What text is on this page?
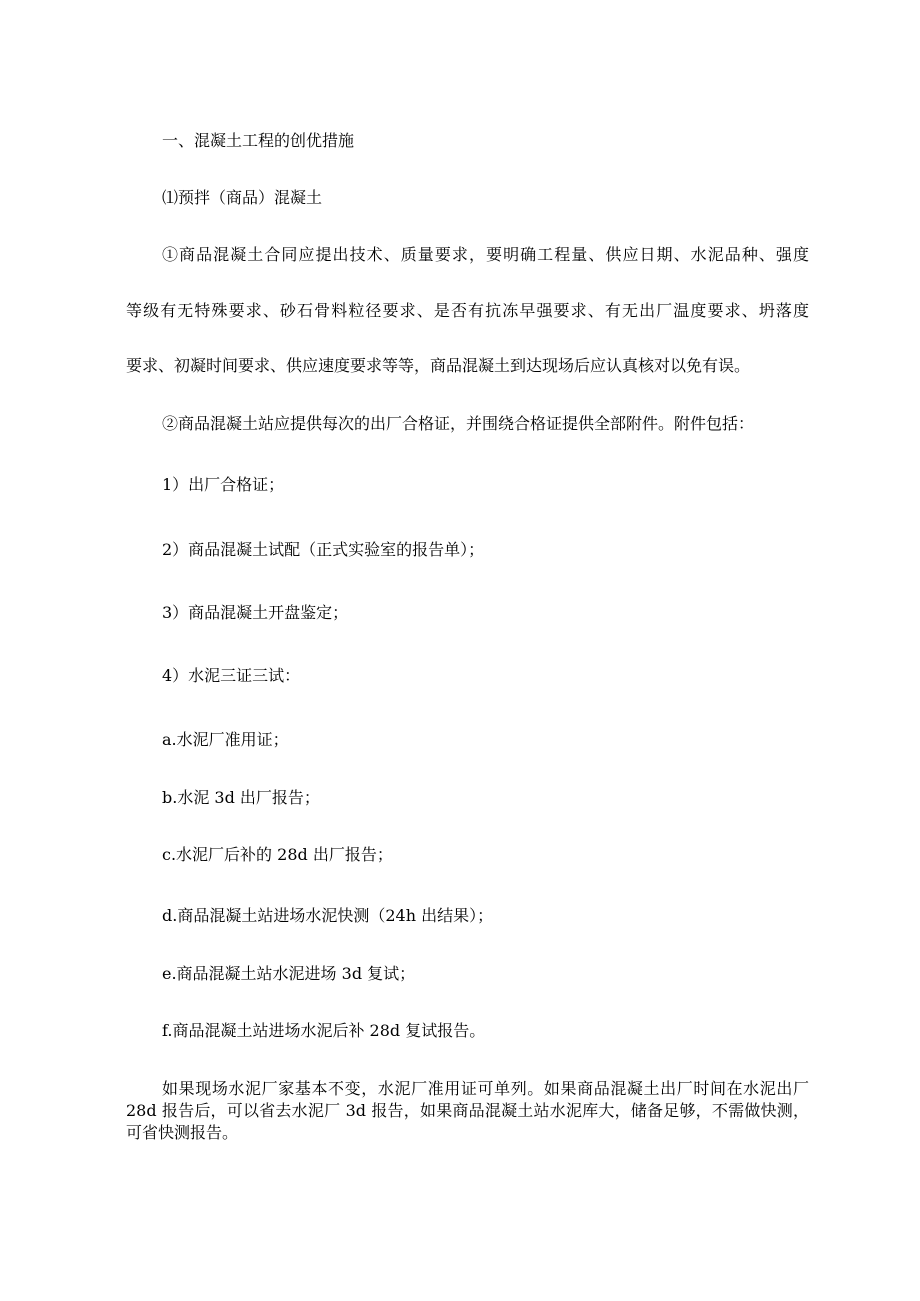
一、混凝土工程的创优措施
⑴预拌（商品）混凝土
①商品混凝土合同应提出技术、质量要求，要明确工程量、供应日期、水泥品种、强度
等级有无特殊要求、砂石骨料粒径要求、是否有抗冻早强要求、有无出厂温度要求、坍落度
要求、初凝时间要求、供应速度要求等等，商品混凝土到达现场后应认真核对以免有误。
②商品混凝土站应提供每次的出厂合格证，并围绕合格证提供全部附件。附件包括：
1）出厂合格证；
2）商品混凝土试配（正式实验室的报告单）；
3）商品混凝土开盘鉴定；
4）水泥三证三试：
a.水泥厂准用证；
b.水泥 3d 出厂报告；
c.水泥厂后补的 28d 出厂报告；
d.商品混凝土站进场水泥快测（24h 出结果）；
e.商品混凝土站水泥进场 3d 复试；
f.商品混凝土站进场水泥后补 28d 复试报告。

如果现场水泥厂家基本不变，水泥厂准用证可单列。如果商品混凝土出厂时间在水泥出厂 28d 报告后，可以省去水泥厂 3d 报告，如果商品混凝土站水泥库大，储备足够，不需做快测，可省快测报告。
